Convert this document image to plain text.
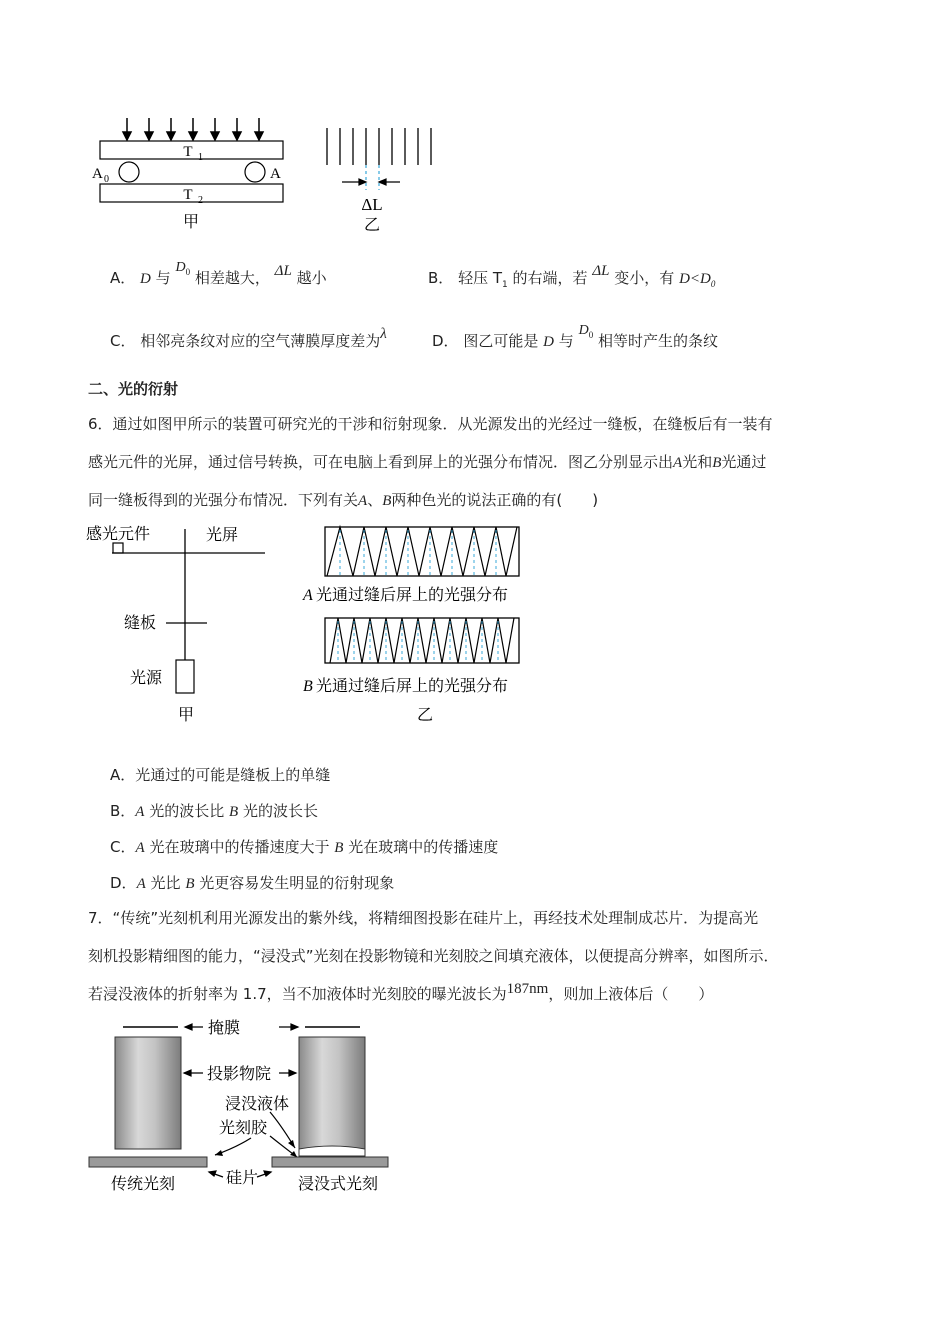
T 1
T 2
A 0	A
甲
ΔL
乙
A． D 与 $D_0$ 相差越大， ΔL 越小	B． 轻压 $T_1$ 的右端，若 ΔL 变小，有 $D<D_0$
C． 相邻亮条纹对应的空气薄膜厚度差为λ	D． 图乙可能是 D 与 $D_0$ 相等时产生的条纹
二、光的衍射
6．通过如图甲所示的装置可研究光的干涉和衍射现象．从光源发出的光经过一缝板，在缝板后有一装有
感光元件的光屏，通过信号转换，可在电脑上看到屏上的光强分布情况．图乙分别显示出A光和B光通过
同一缝板得到的光强分布情况．下列有关A、B两种色光的说法正确的有(　　)
感光元件	光屏
缝板
光源
甲
A 光通过缝后屏上的光强分布
B 光通过缝后屏上的光强分布
乙
A．光通过的可能是缝板上的单缝
B．A 光的波长比 B 光的波长长
C．A 光在玻璃中的传播速度大于 B 光在玻璃中的传播速度
D．A 光比 B 光更容易发生明显的衍射现象
7．“传统”光刻机利用光源发出的紫外线，将精细图投影在硅片上，再经技术处理制成芯片．为提高光
刻机投影精细图的能力，“浸没式”光刻在投影物镜和光刻胶之间填充液体，以便提高分辨率，如图所示．
若浸没液体的折射率为 1.7，当不加液体时光刻胶的曝光波长为187nm，则加上液体后（　　）
掩膜
投影物院
浸没液体
光刻胶
硅片
传统光刻	浸没式光刻
